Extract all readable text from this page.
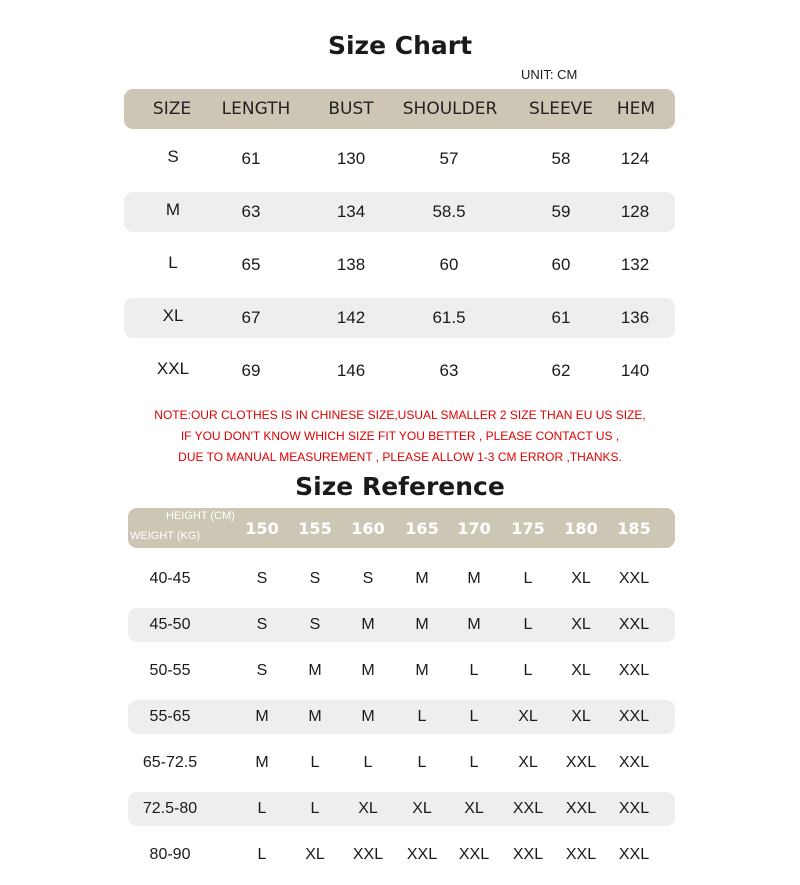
Size Chart
UNIT: CM
SIZE LENGTH BUST SHOULDER SLEEVE HEM
S	61	130	57	58	124
M	63	134	58.5	59	128
L	65	138	60	60	132
XL	67	142	61.5	61	136
XXL	69	146	63	62	140
NOTE:OUR CLOTHES IS IN CHINESE SIZE,USUAL SMALLER 2 SIZE THAN EU US SIZE,
IF YOU DON'T KNOW WHICH SIZE FIT YOU BETTER , PLEASE CONTACT US ,
DUE TO MANUAL MEASUREMENT , PLEASE ALLOW 1-3 CM ERROR ,THANKS.
Size Reference
HEIGHT (CM)
WEIGHT (KG)	150 155 160 165 170 175 180 185
40-45	S	S	S	M M	L XL XXL
45-50	S	S	M	M M	L XL XXL
50-55	S	M M	M	L	L XL XXL
55-65	M M M	L	L XL XL XXL
65-72.5	M	L	L	L	L XL XXL XXL
72.5-80	L	L XL XL XL XXL XXL XXL
80-90	L XL XXL XXL XXL XXL XXL XXL
